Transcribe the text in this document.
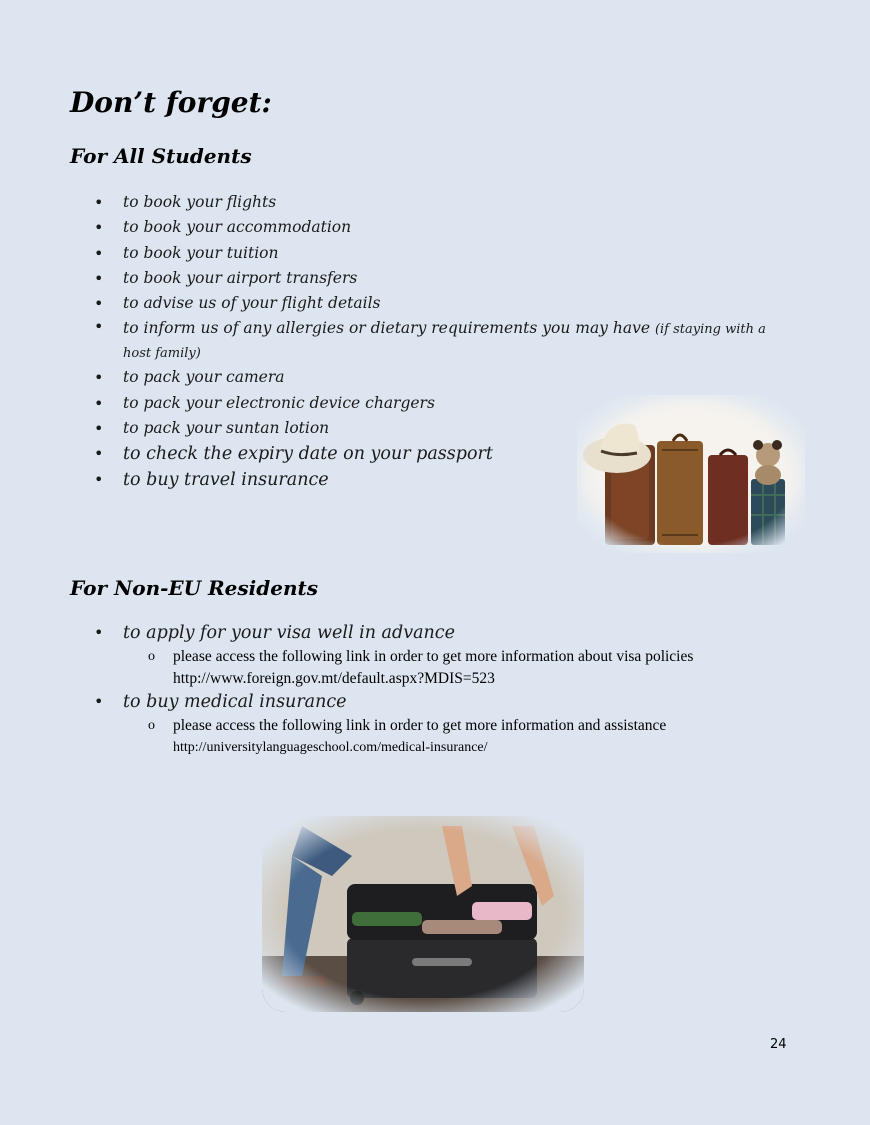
Don’t forget:
For All Students
• to book your flights
• to book your accommodation
• to book your tuition
• to book your airport transfers
• to advise us of your flight details
• to inform us of any allergies or dietary requirements you may have (if staying with a host family)
• to pack your camera
• to pack your electronic device chargers
• to pack your suntan lotion
• to check the expiry date on your passport
• to buy travel insurance
For Non-EU Residents
• to apply for your visa well in advance
o please access the following link in order to get more information about visa policies
http://www.foreign.gov.mt/default.aspx?MDIS=523
• to buy medical insurance
o please access the following link in order to get more information and assistance
http://universitylanguageschool.com/medical-insurance/
24
